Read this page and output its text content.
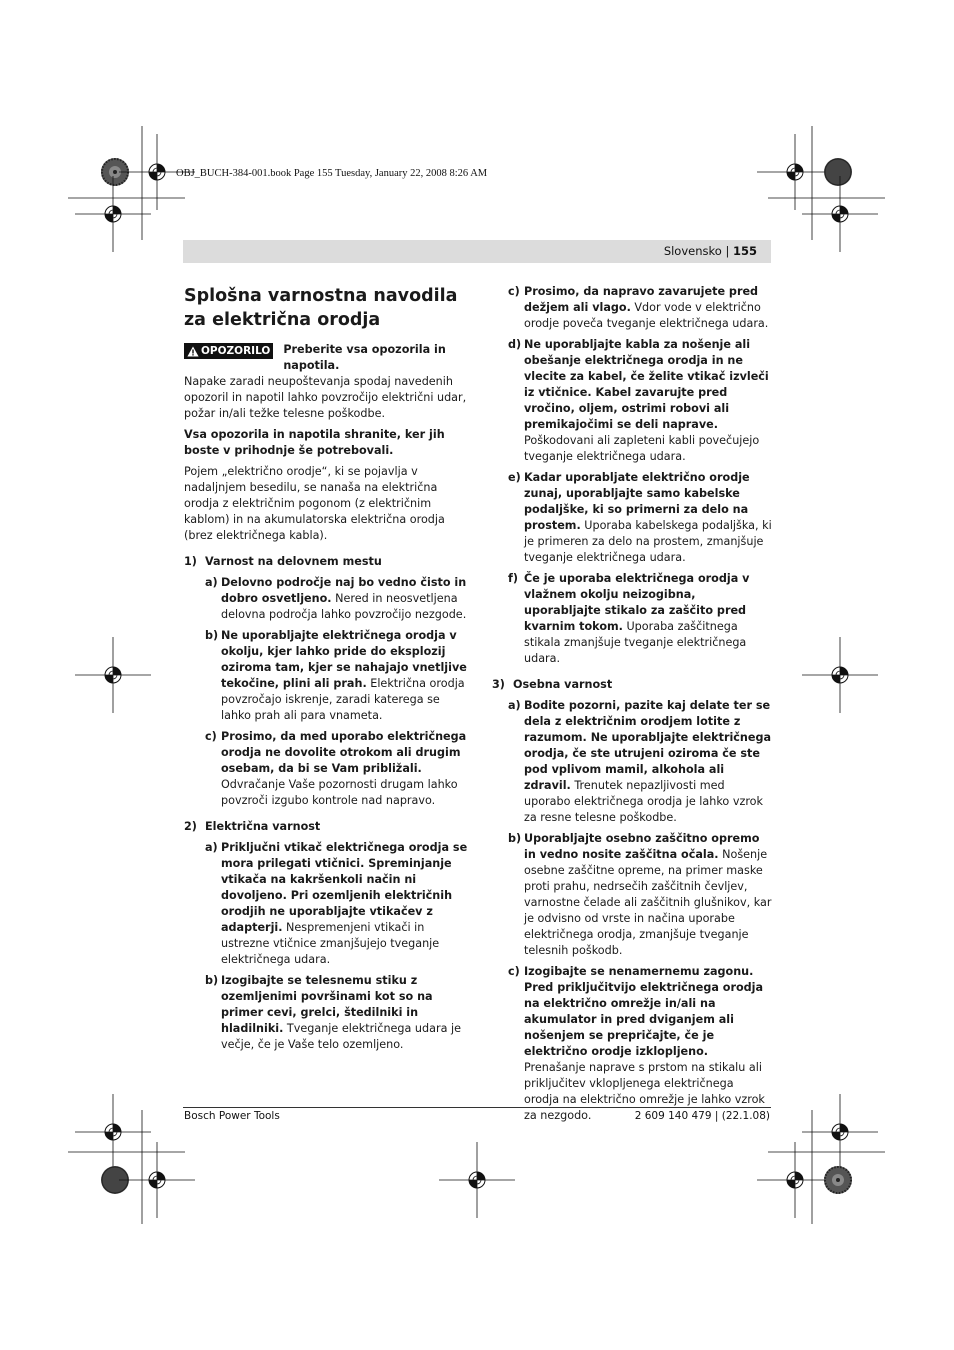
OBJ_BUCH-384-001.book Page 155 Tuesday, January 22, 2008 8:26 AM
Slovensko | 155
Splošna varnostna navodila za električna orodja
OPOZORILO Preberite vsa opozorila in napotila.

Napake zaradi neupoštevanja spodaj navedenih opozoril in napotil lahko povzročijo električni udar, požar in/ali težke telesne poškodbe.

Vsa opozorila in napotila shranite, ker jih boste v prihodnje še potrebovali.

Pojem „električno orodje“, ki se pojavlja v nadaljnjem besedilu, se nanaša na električna orodja z električnim pogonom (z električnim kablom) in na akumulatorska električna orodja (brez električnega kabla).

1) Varnost na delovnem mestu
a) Delovno področje naj bo vedno čisto in dobro osvetljeno. Nered in neosvetljena delovna področja lahko povzročijo nezgode.
b) Ne uporabljajte električnega orodja v okolju, kjer lahko pride do eksplozij oziroma tam, kjer se nahajajo vnetljive tekočine, plini ali prah. Električna orodja povzročajo iskrenje, zaradi katerega se lahko prah ali para vnameta.
c) Prosimo, da med uporabo električnega orodja ne dovolite otrokom ali drugim osebam, da bi se Vam približali. Odvračanje Vaše pozornosti drugam lahko povzroči izgubo kontrole nad napravo.
2) Električna varnost
a) Priključni vtikač električnega orodja se mora prilegati vtičnici. Spreminjanje vtikača na kakršenkoli način ni dovoljeno. Pri ozemljenih električnih orodjih ne uporabljajte vtikačev z adapterji. Nespremenjeni vtikači in ustrezne vtičnice zmanjšujejo tveganje električnega udara.
b) Izogibajte se telesnemu stiku z ozemljenimi površinami kot so na primer cevi, grelci, štedilniki in hladilniki. Tveganje električnega udara je večje, če je Vaše telo ozemljeno.
c) Prosimo, da napravo zavarujete pred dežjem ali vlago. Vdor vode v električno orodje poveča tveganje električnega udara.
d) Ne uporabljajte kabla za nošenje ali obešanje električnega orodja in ne vlecite za kabel, če želite vtikač izvleči iz vtičnice. Kabel zavarujte pred vročino, oljem, ostrimi robovi ali premikajočimi se deli naprave. Poškodovani ali zapleteni kabli povečujejo tveganje električnega udara.
e) Kadar uporabljate električno orodje zunaj, uporabljajte samo kabelske podaljške, ki so primerni za delo na prostem. Uporaba kabelskega podaljška, ki je primeren za delo na prostem, zmanjšuje tveganje električnega udara.
f) Če je uporaba električnega orodja v vlažnem okolju neizogibna, uporabljajte stikalo za zaščito pred kvarnim tokom. Uporaba zaščitnega stikala zmanjšuje tveganje električnega udara.
3) Osebna varnost
a) Bodite pozorni, pazite kaj delate ter se dela z električnim orodjem lotite z razumom. Ne uporabljajte električnega orodja, če ste utrujeni oziroma če ste pod vplivom mamil, alkohola ali zdravil. Trenutek nepazljivosti med uporabo električnega orodja je lahko vzrok za resne telesne poškodbe.
b) Uporabljajte osebno zaščitno opremo in vedno nosite zaščitna očala. Nošenje osebne zaščitne opreme, na primer maske proti prahu, nedrsečih zaščitnih čevljev, varnostne čelade ali zaščitnih glušnikov, kar je odvisno od vrste in načina uporabe električnega orodja, zmanjšuje tveganje telesnih poškodb.
c) Izogibajte se nenamernemu zagonu. Pred priključitvijo električnega orodja na električno omrežje in/ali na akumulator in pred dviganjem ali nošenjem se prepričajte, če je električno orodje izklopljeno. Prenašanje naprave s prstom na stikalu ali priključitev vklopljenega električnega orodja na električno omrežje je lahko vzrok za nezgodo.
Bosch Power Tools	2 609 140 479 | (22.1.08)
